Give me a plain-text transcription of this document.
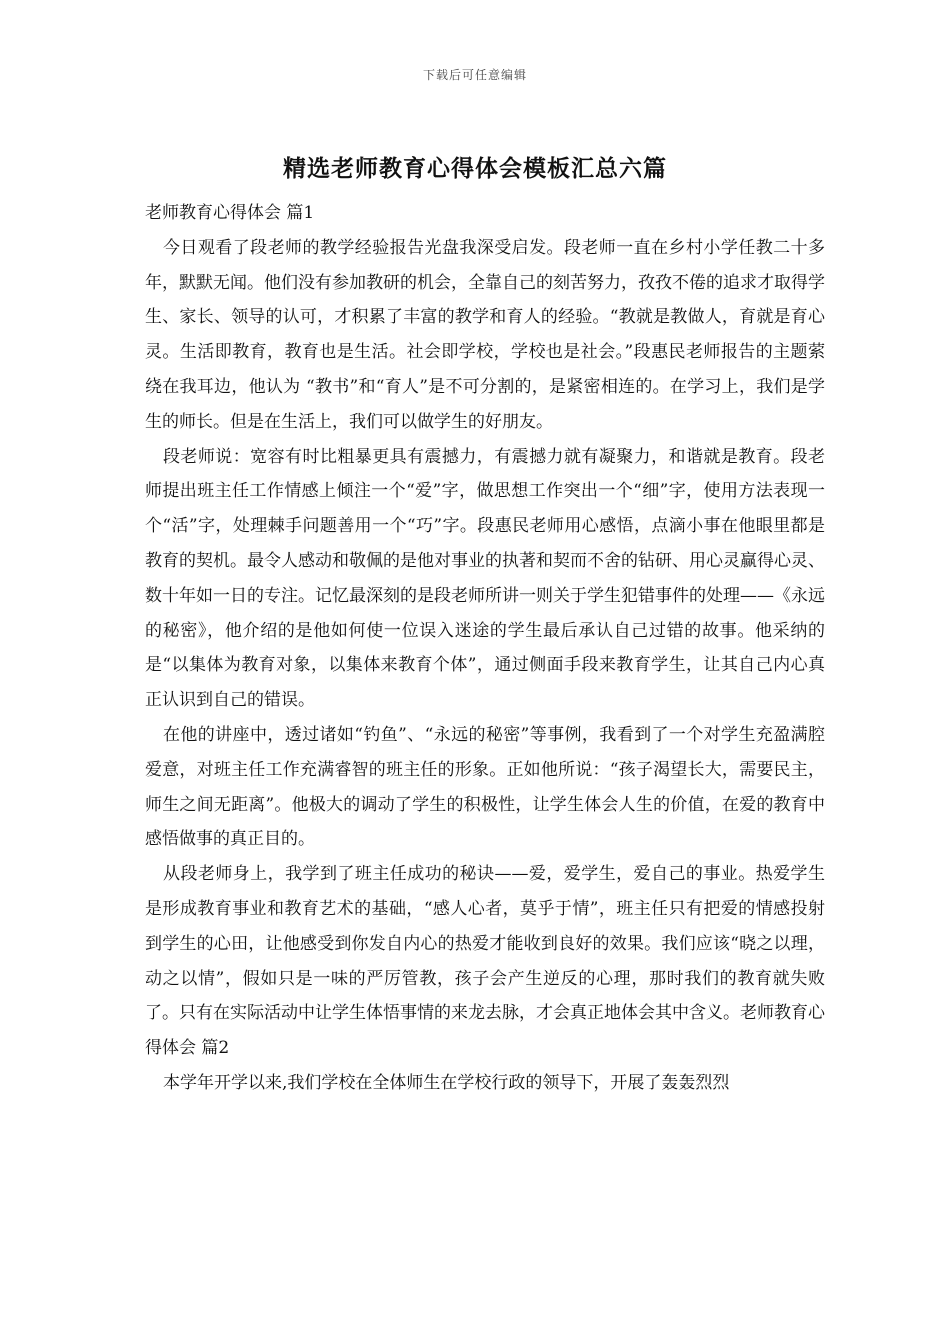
下载后可任意编辑
精选老师教育心得体会模板汇总六篇

老师教育心得体会 篇1

今日观看了段老师的教学经验报告光盘我深受启发。段老师一直在乡村小学任教二十多年，默默无闻。他们没有参加教研的机会，全靠自己的刻苦努力，孜孜不倦的追求才取得学生、家长、领导的认可，才积累了丰富的教学和育人的经验。“教就是教做人，育就是育心灵。生活即教育，教育也是生活。社会即学校，学校也是社会。”段惠民老师报告的主题萦绕在我耳边，他认为 “教书”和“育人”是不可分割的，是紧密相连的。在学习上，我们是学生的师长。但是在生活上，我们可以做学生的好朋友。

段老师说：宽容有时比粗暴更具有震撼力，有震撼力就有凝聚力，和谐就是教育。段老师提出班主任工作情感上倾注一个“爱”字，做思想工作突出一个“细”字，使用方法表现一个“活”字，处理棘手问题善用一个“巧”字。段惠民老师用心感悟，点滴小事在他眼里都是教育的契机。最令人感动和敬佩的是他对事业的执著和契而不舍的钻研、用心灵赢得心灵、数十年如一日的专注。记忆最深刻的是段老师所讲一则关于学生犯错事件的处理——《永远的秘密》，他介绍的是他如何使一位误入迷途的学生最后承认自己过错的故事。他采纳的是“以集体为教育对象，以集体来教育个体”，通过侧面手段来教育学生，让其自己内心真正认识到自己的错误。

在他的讲座中，透过诸如“钓鱼”、“永远的秘密”等事例，我看到了一个对学生充盈满腔爱意，对班主任工作充满睿智的班主任的形象。正如他所说：“孩子渴望长大，需要民主，师生之间无距离”。他极大的调动了学生的积极性，让学生体会人生的价值，在爱的教育中感悟做事的真正目的。

从段老师身上，我学到了班主任成功的秘诀——爱，爱学生，爱自己的事业。热爱学生是形成教育事业和教育艺术的基础，“感人心者，莫乎于情”，班主任只有把爱的情感投射到学生的心田，让他感受到你发自内心的热爱才能收到良好的效果。我们应该“晓之以理，动之以情”，假如只是一味的严厉管教，孩子会产生逆反的心理，那时我们的教育就失败了。只有在实际活动中让学生体悟事情的来龙去脉，才会真正地体会其中含义。老师教育心得体会 篇2

本学年开学以来,我们学校在全体师生在学校行政的领导下，开展了轰轰烈烈
